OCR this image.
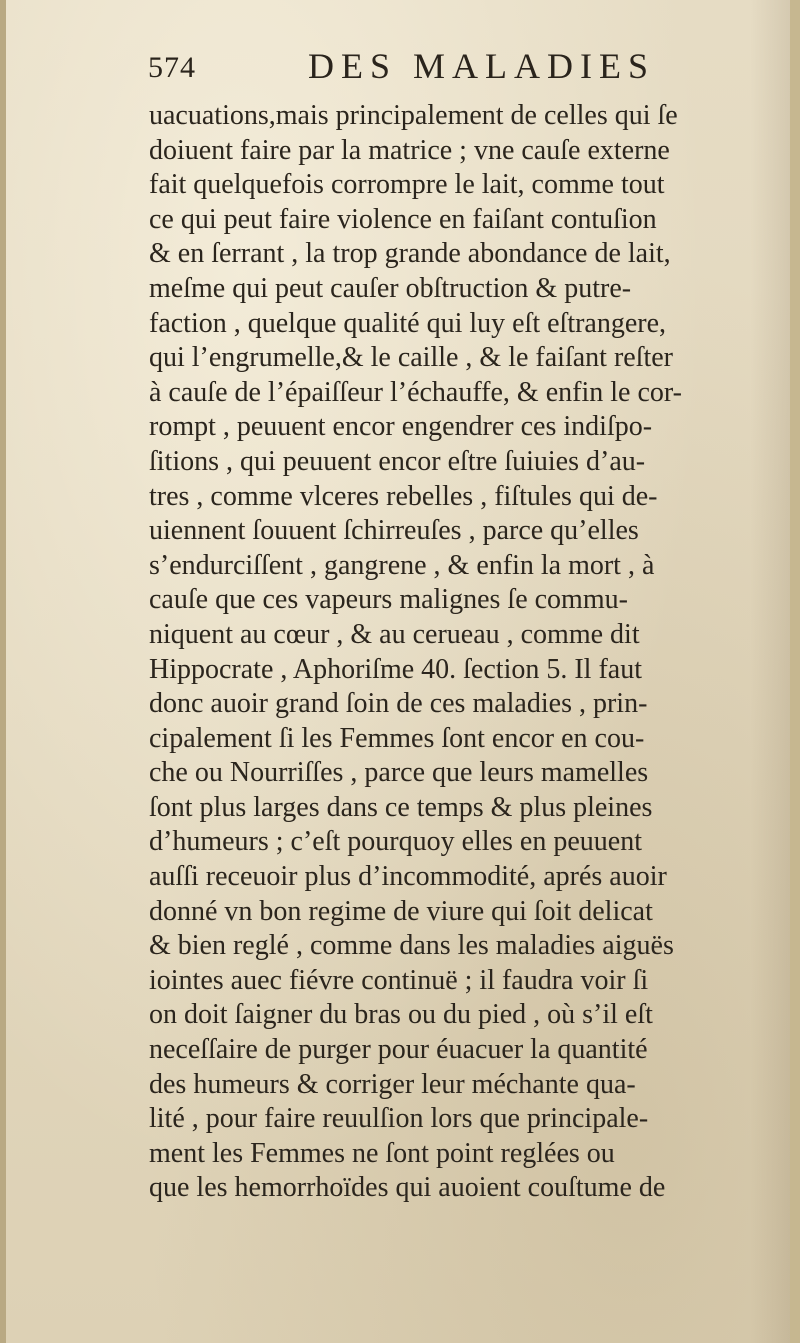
574	DES MALADIES
uacuations,mais principalement de celles qui ſe
doiuent faire par la matrice ; vne cauſe externe
fait quelquefois corrompre le lait, comme tout
ce qui peut faire violence en faiſant contuſion
& en ſerrant , la trop grande abondance de lait,
meſme qui peut cauſer obſtruction & putre-
faction , quelque qualité qui luy eſt eſtrangere,
qui l’engrumelle,& le caille , & le faiſant reſter
à cauſe de l’épaiſſeur l’échauffe, & enfin le cor-
rompt , peuuent encor engendrer ces indiſpo-
ſitions , qui peuuent encor eſtre ſuiuies d’au-
tres , comme vlceres rebelles , fiſtules qui de-
uiennent ſouuent ſchirreuſes , parce qu’elles
s’endurciſſent , gangrene , & enfin la mort , à
cauſe que ces vapeurs malignes ſe commu-
niquent au cœur , & au cerueau , comme dit
Hippocrate , Aphoriſme 40. ſection 5. Il faut
donc auoir grand ſoin de ces maladies , prin-
cipalement ſi les Femmes ſont encor en cou-
che ou Nourriſſes , parce que leurs mamelles
ſont plus larges dans ce temps & plus pleines
d’humeurs ; c’eſt pourquoy elles en peuuent
auſſi receuoir plus d’incommodité, aprés auoir
donné vn bon regime de viure qui ſoit delicat
& bien reglé , comme dans les maladies aiguës
iointes auec fiévre continuë ; il faudra voir ſi
on doit ſaigner du bras ou du pied , où s’il eſt
neceſſaire de purger pour éuacuer la quantité
des humeurs & corriger leur méchante qua-
lité , pour faire reuulſion lors que principale-
ment les Femmes ne ſont point reglées ou
que les hemorrhoïdes qui auoient couſtume de
